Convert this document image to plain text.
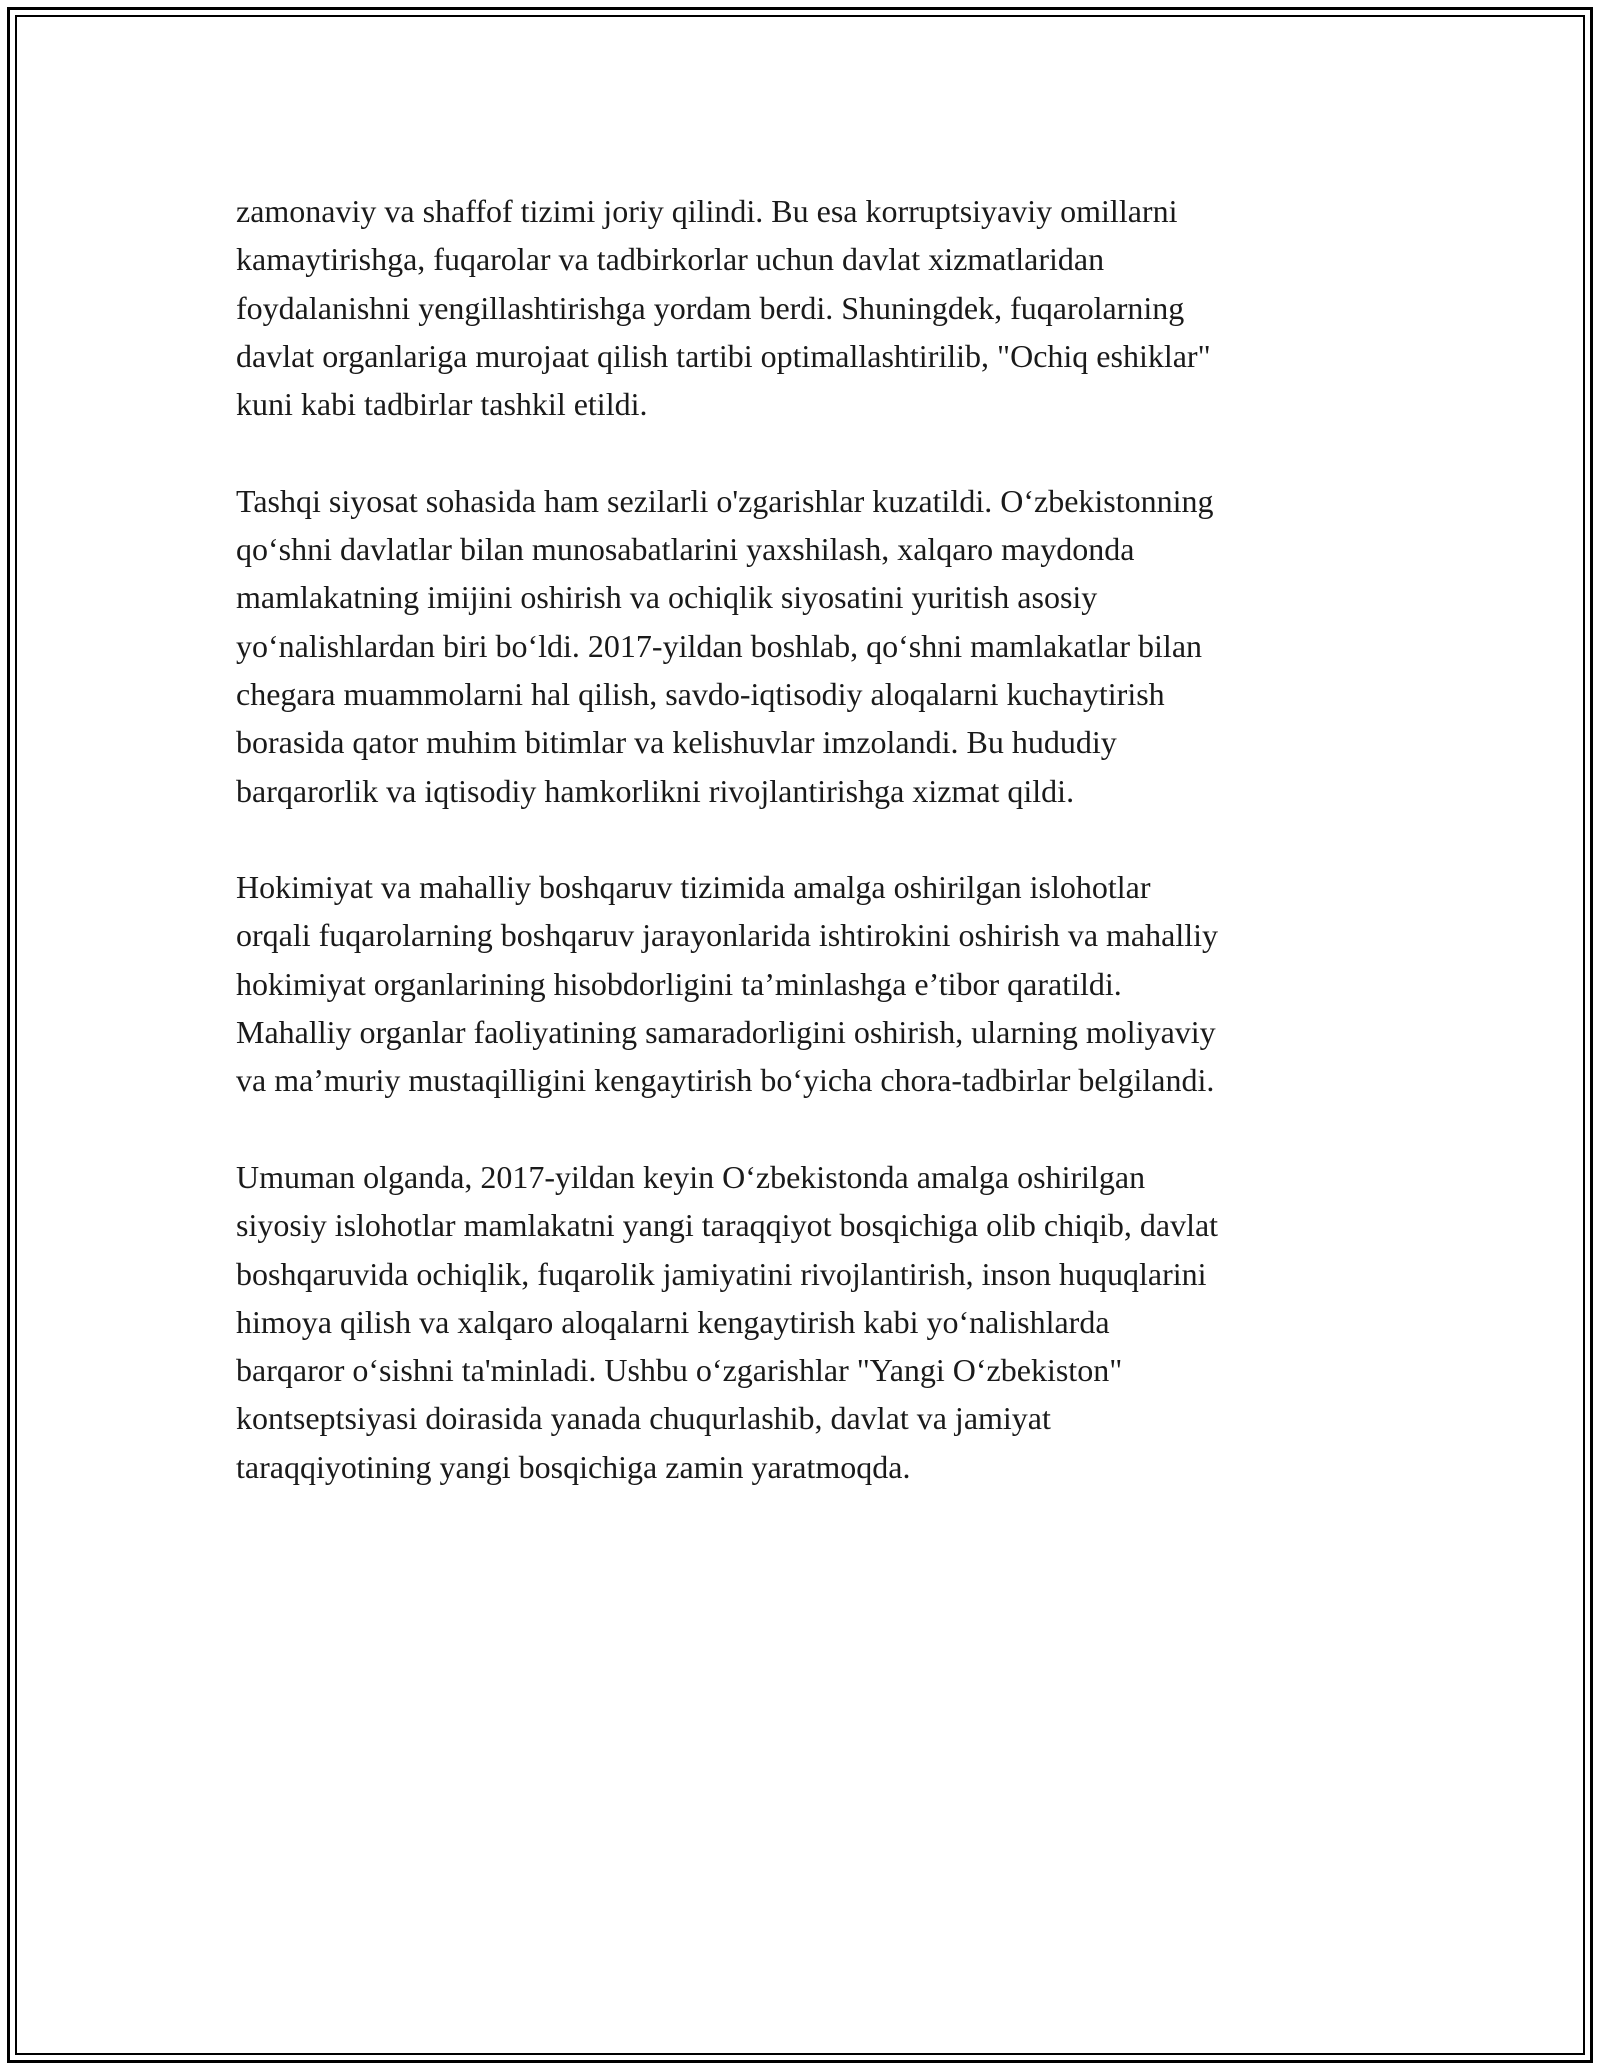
zamonaviy va shaffof tizimi joriy qilindi. Bu esa korruptsiyaviy omillarni
kamaytirishga, fuqarolar va tadbirkorlar uchun davlat xizmatlaridan
foydalanishni yengillashtirishga yordam berdi. Shuningdek, fuqarolarning
davlat organlariga murojaat qilish tartibi optimallashtirilib, "Ochiq eshiklar"
kuni kabi tadbirlar tashkil etildi.

Tashqi siyosat sohasida ham sezilarli o'zgarishlar kuzatildi. O‘zbekistonning
qo‘shni davlatlar bilan munosabatlarini yaxshilash, xalqaro maydonda
mamlakatning imijini oshirish va ochiqlik siyosatini yuritish asosiy
yo‘nalishlardan biri bo‘ldi. 2017-yildan boshlab, qo‘shni mamlakatlar bilan
chegara muammolarni hal qilish, savdo-iqtisodiy aloqalarni kuchaytirish
borasida qator muhim bitimlar va kelishuvlar imzolandi. Bu hududiy
barqarorlik va iqtisodiy hamkorlikni rivojlantirishga xizmat qildi.

Hokimiyat va mahalliy boshqaruv tizimida amalga oshirilgan islohotlar
orqali fuqarolarning boshqaruv jarayonlarida ishtirokini oshirish va mahalliy
hokimiyat organlarining hisobdorligini ta’minlashga e’tibor qaratildi.
Mahalliy organlar faoliyatining samaradorligini oshirish, ularning moliyaviy
va ma’muriy mustaqilligini kengaytirish bo‘yicha chora-tadbirlar belgilandi.

Umuman olganda, 2017-yildan keyin O‘zbekistonda amalga oshirilgan
siyosiy islohotlar mamlakatni yangi taraqqiyot bosqichiga olib chiqib, davlat
boshqaruvida ochiqlik, fuqarolik jamiyatini rivojlantirish, inson huquqlarini
himoya qilish va xalqaro aloqalarni kengaytirish kabi yo‘nalishlarda
barqaror o‘sishni ta'minladi. Ushbu o‘zgarishlar "Yangi O‘zbekiston"
kontseptsiyasi doirasida yanada chuqurlashib, davlat va jamiyat
taraqqiyotining yangi bosqichiga zamin yaratmoqda.
